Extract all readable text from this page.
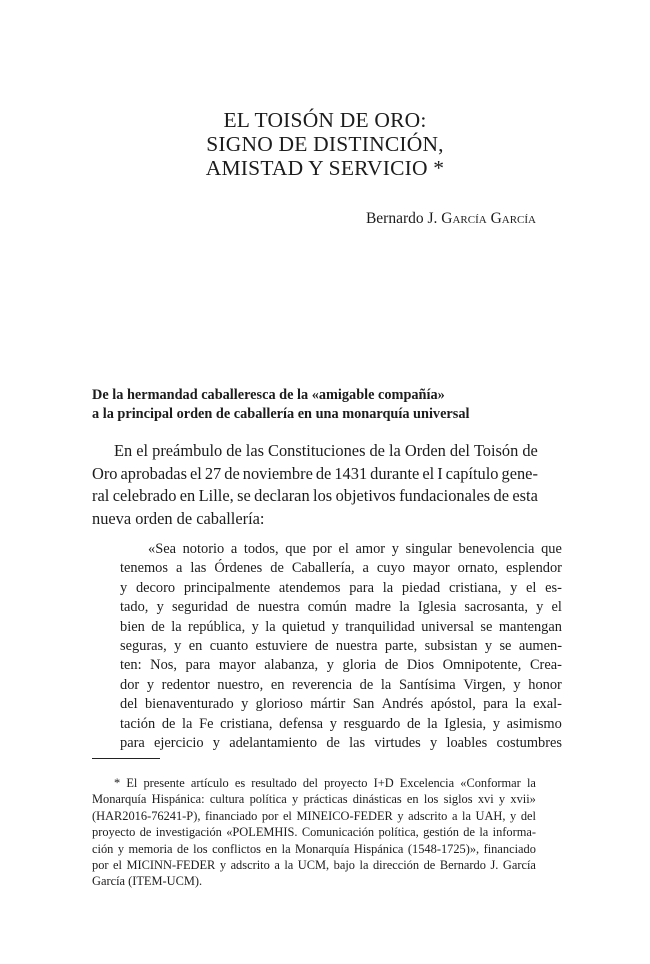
EL TOISÓN DE ORO:
SIGNO DE DISTINCIÓN,
AMISTAD Y SERVICIO *
Bernardo J. García García
De la hermandad caballeresca de la «amigable compañía»
a la principal orden de caballería en una monarquía universal
En el preámbulo de las Constituciones de la Orden del Toisón de
Oro aprobadas el 27 de noviembre de 1431 durante el I capítulo gene-
ral celebrado en Lille, se declaran los objetivos fundacionales de esta
nueva orden de caballería:
«Sea notorio a todos, que por el amor y singular benevolencia que
tenemos a las Órdenes de Caballería, a cuyo mayor ornato, esplendor
y decoro principalmente atendemos para la piedad cristiana, y el es-
tado, y seguridad de nuestra común madre la Iglesia sacrosanta, y el
bien de la república, y la quietud y tranquilidad universal se mantengan
seguras, y en cuanto estuviere de nuestra parte, subsistan y se aumen-
ten: Nos, para mayor alabanza, y gloria de Dios Omnipotente, Crea-
dor y redentor nuestro, en reverencia de la Santísima Virgen, y honor
del bienaventurado y glorioso mártir San Andrés apóstol, para la exal-
tación de la Fe cristiana, defensa y resguardo de la Iglesia, y asimismo
para ejercicio y adelantamiento de las virtudes y loables costumbres
* El presente artículo es resultado del proyecto I+D Excelencia «Conformar la
Monarquía Hispánica: cultura política y prácticas dinásticas en los siglos xvi y xvii»
(HAR2016-76241-P), financiado por el MINEICO-FEDER y adscrito a la UAH, y del
proyecto de investigación «POLEMHIS. Comunicación política, gestión de la informa-
ción y memoria de los conflictos en la Monarquía Hispánica (1548-1725)», financiado
por el MICINN-FEDER y adscrito a la UCM, bajo la dirección de Bernardo J. García
García (ITEM-UCM).
